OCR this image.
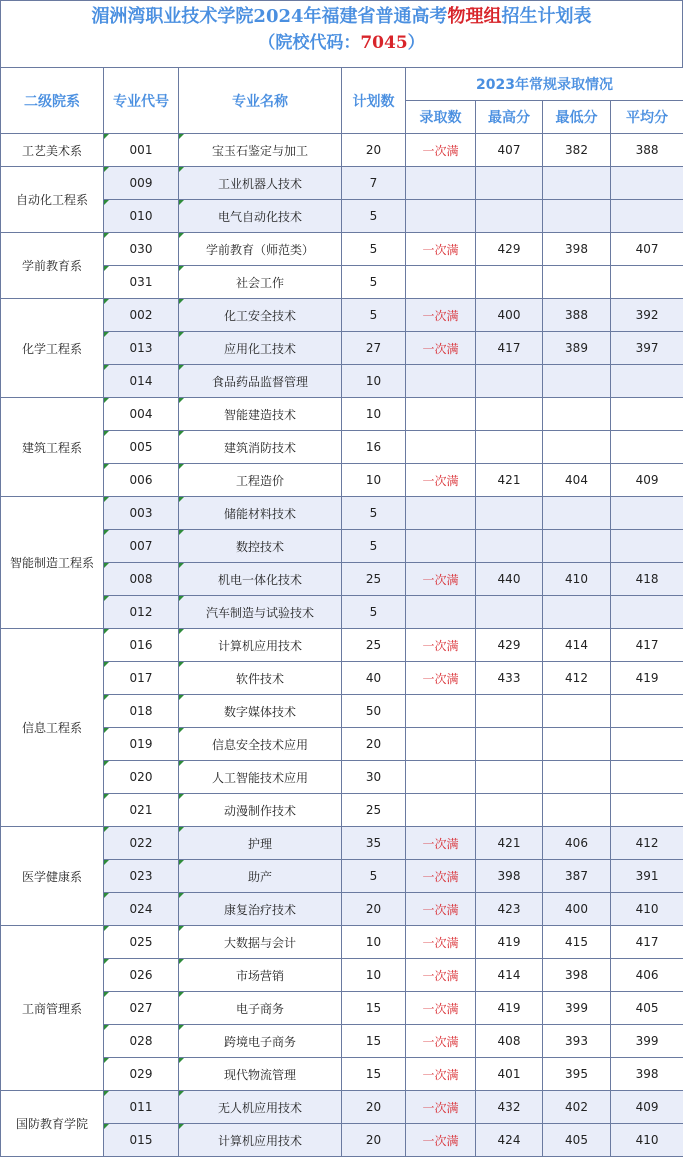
湄洲湾职业技术学院2024年福建省普通高考物理组招生计划表
（院校代码：7045）
二级院系	专业代号	专业名称	计划数	2023年常规录取情况			
				录取数	最高分	最低分	平均分
工艺美术系	001	宝玉石鉴定与加工	20	一次满	407	382	388
自动化工程系	009	工业机器人技术	7				
	010	电气自动化技术	5				
学前教育系	030	学前教育（师范类）	5	一次满	429	398	407
	031	社会工作	5				
化学工程系	002	化工安全技术	5	一次满	400	388	392
	013	应用化工技术	27	一次满	417	389	397
	014	食品药品监督管理	10				
建筑工程系	004	智能建造技术	10				
	005	建筑消防技术	16				
	006	工程造价	10	一次满	421	404	409
智能制造工程系	003	储能材料技术	5				
	007	数控技术	5				
	008	机电一体化技术	25	一次满	440	410	418
	012	汽车制造与试验技术	5				
信息工程系	016	计算机应用技术	25	一次满	429	414	417
	017	软件技术	40	一次满	433	412	419
	018	数字媒体技术	50				
	019	信息安全技术应用	20				
	020	人工智能技术应用	30				
	021	动漫制作技术	25				
医学健康系	022	护理	35	一次满	421	406	412
	023	助产	5	一次满	398	387	391
	024	康复治疗技术	20	一次满	423	400	410
工商管理系	025	大数据与会计	10	一次满	419	415	417
	026	市场营销	10	一次满	414	398	406
	027	电子商务	15	一次满	419	399	405
	028	跨境电子商务	15	一次满	408	393	399
	029	现代物流管理	15	一次满	401	395	398
国防教育学院	011	无人机应用技术	20	一次满	432	402	409
	015	计算机应用技术	20	一次满	424	405	410
